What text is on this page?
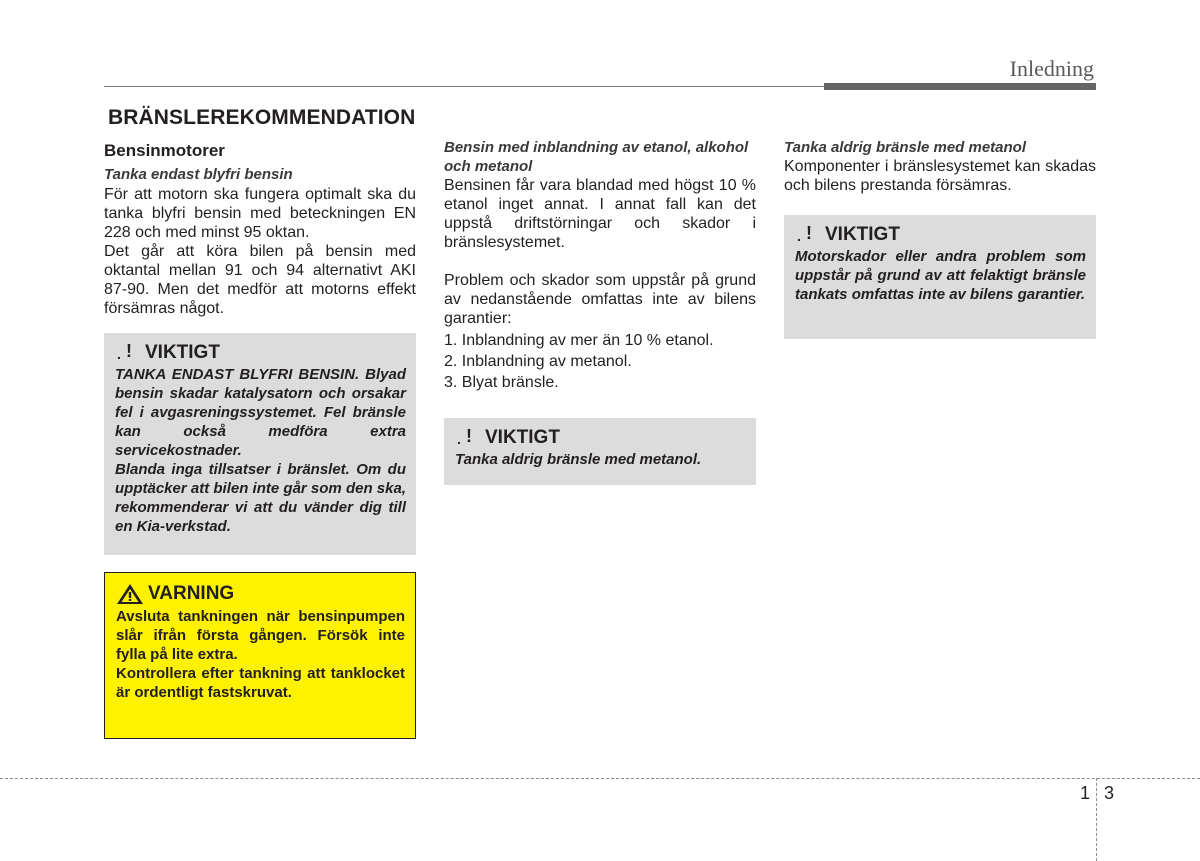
Inledning
BRÄNSLEREKOMMENDATION
Bensinmotorer

Tanka endast blyfri bensin

För att motorn ska fungera optimalt ska du tanka blyfri bensin med beteckningen EN 228 och med minst 95 oktan.

Det går att köra bilen på bensin med oktantal mellan 91 och 94 alternativt AKI 87-90. Men det medför att motorns effekt försämras något.

. ! VIKTIGT

TANKA ENDAST BLYFRI BENSIN. Blyad bensin skadar katalysatorn och orsakar fel i avgasreningssystemet. Fel bränsle kan också medföra extra servicekostnader.

Blanda inga tillsatser i bränslet. Om du upptäcker att bilen inte går som den ska, rekommenderar vi att du vänder dig till en Kia-verkstad.

VARNING

Avsluta tankningen när bensinpumpen slår ifrån första gången. Försök inte fylla på lite extra.

Kontrollera efter tankning att tanklocket är ordentligt fastskruvat.

Bensin med inblandning av etanol, alkohol och metanol

Bensinen får vara blandad med högst 10 % etanol inget annat. I annat fall kan det uppstå driftstörningar och skador i bränslesystemet.

Problem och skador som uppstår på grund av nedanstående omfattas inte av bilens garantier:

1. Inblandning av mer än 10 % etanol.

2. Inblandning av metanol.

3. Blyat bränsle.

. ! VIKTIGT

Tanka aldrig bränsle med metanol.

Tanka aldrig bränsle med metanol

Komponenter i bränslesystemet kan skadas och bilens prestanda försämras.

. ! VIKTIGT

Motorskador eller andra problem som uppstår på grund av att felaktigt bränsle tankats omfattas inte av bilens garantier.

1 3
